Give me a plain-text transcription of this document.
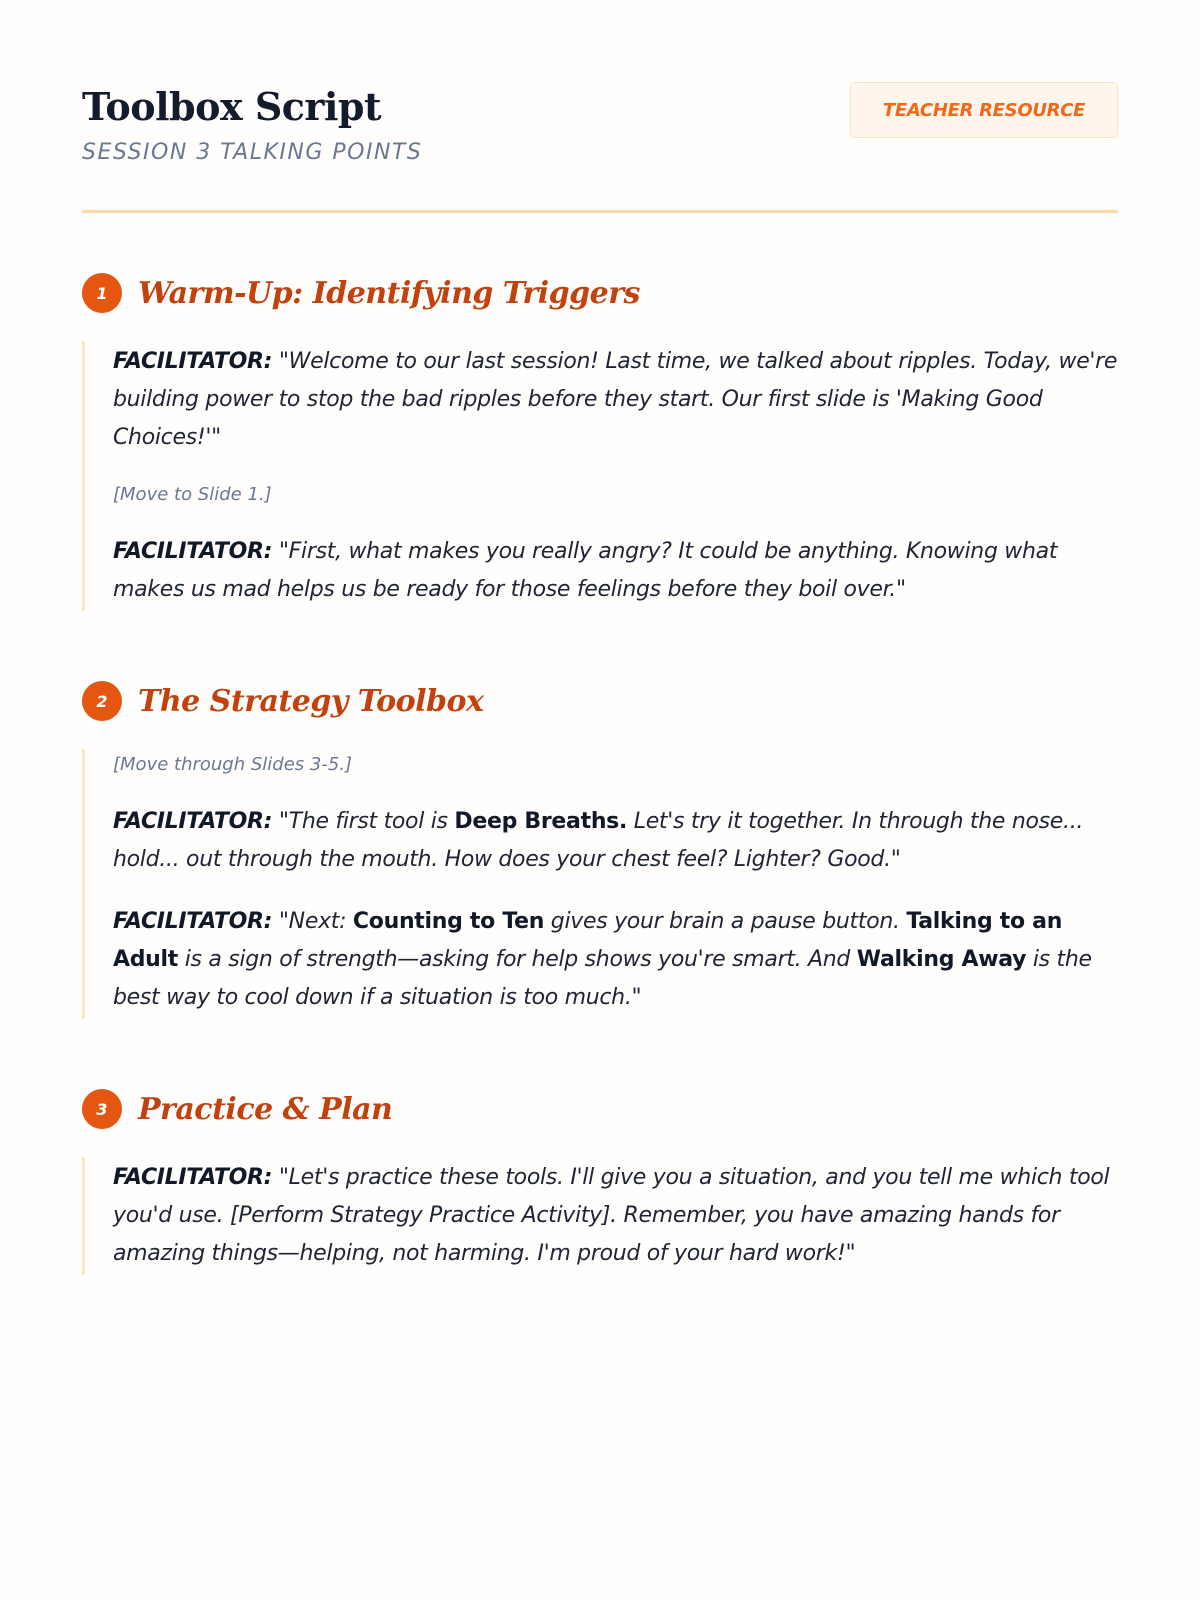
Toolbox Script
SESSION 3 TALKING POINTS
TEACHER RESOURCE
1	Warm-Up: Identifying Triggers

FACILITATOR: "Welcome to our last session! Last time, we talked about ripples. Today, we're building power to stop the bad ripples before they start. Our first slide is 'Making Good Choices!'"

[Move to Slide 1.]

FACILITATOR: "First, what makes you really angry? It could be anything. Knowing what makes us mad helps us be ready for those feelings before they boil over."

2	The Strategy Toolbox

[Move through Slides 3-5.]

FACILITATOR: "The first tool is Deep Breaths. Let's try it together. In through the nose... hold... out through the mouth. How does your chest feel? Lighter? Good."

FACILITATOR: "Next: Counting to Ten gives your brain a pause button. Talking to an Adult is a sign of strength—asking for help shows you're smart. And Walking Away is the best way to cool down if a situation is too much."

3	Practice & Plan

FACILITATOR: "Let's practice these tools. I'll give you a situation, and you tell me which tool you'd use. [Perform Strategy Practice Activity]. Remember, you have amazing hands for amazing things—helping, not harming. I'm proud of your hard work!"
